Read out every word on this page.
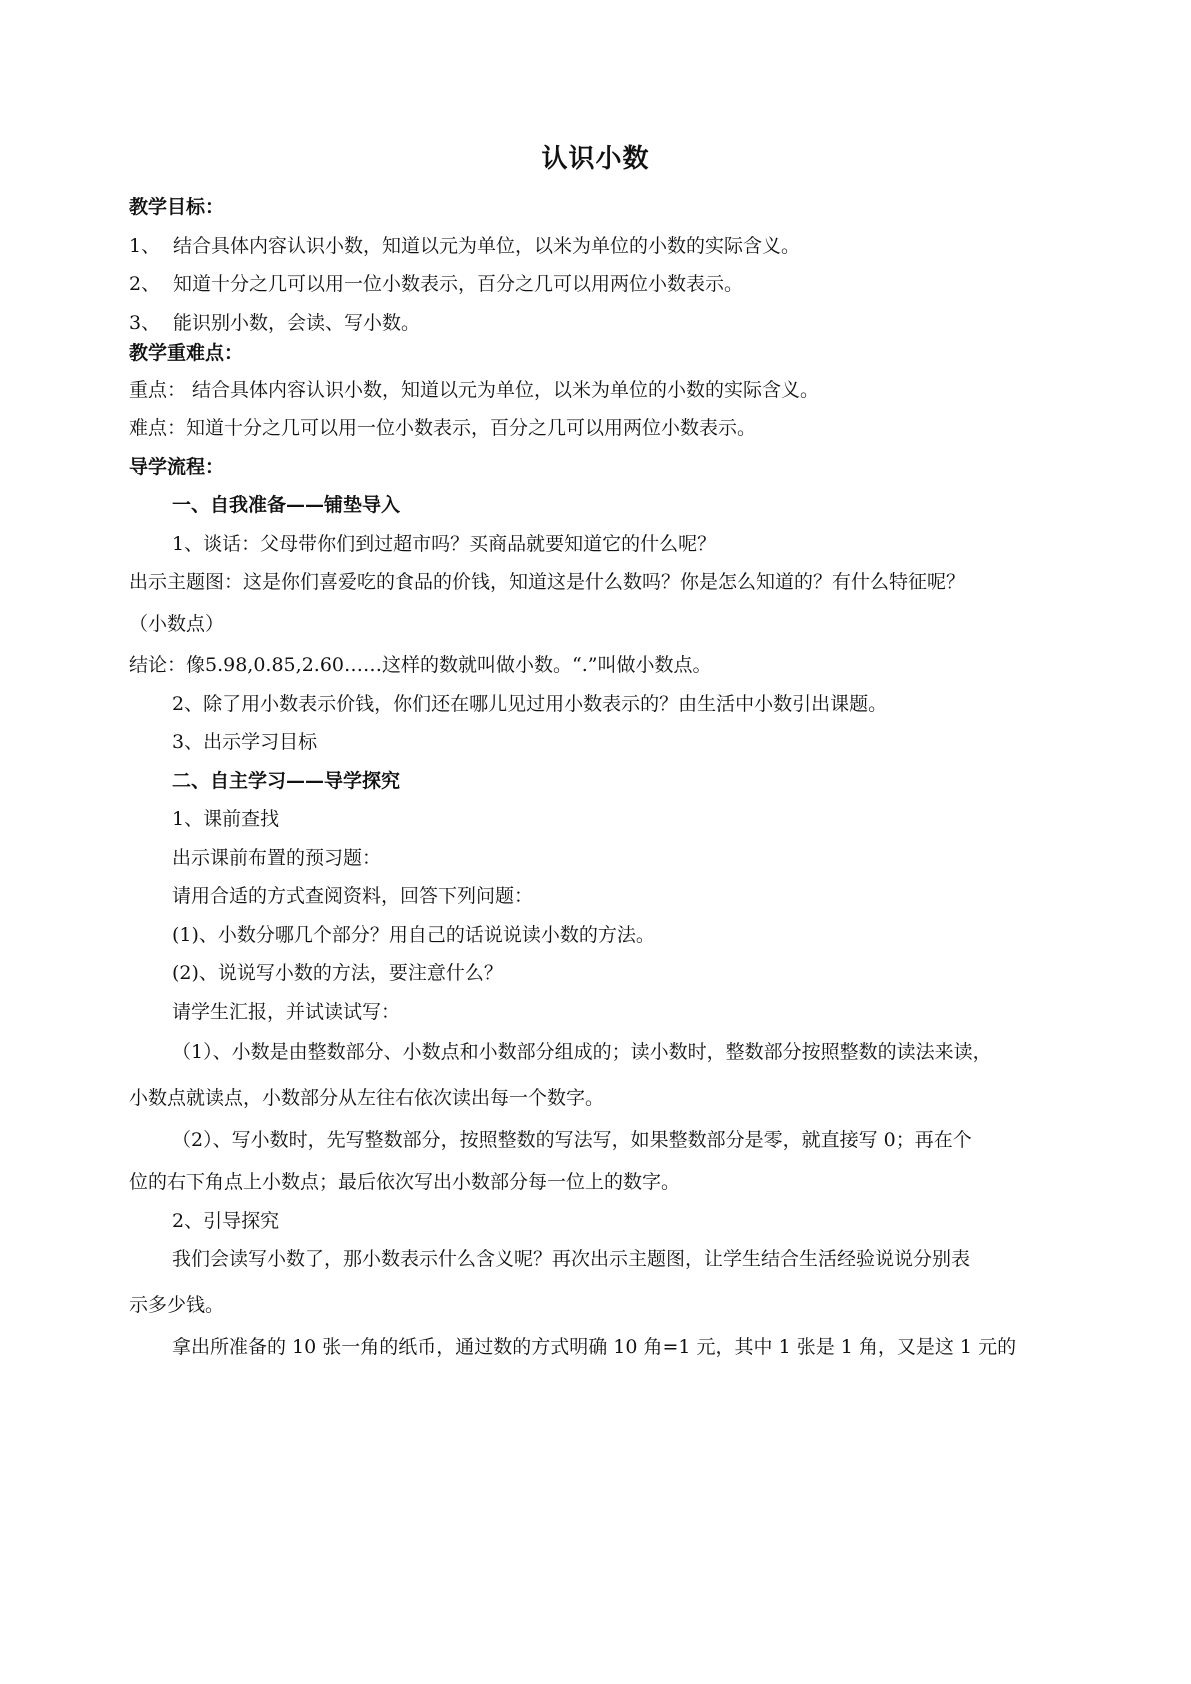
认识小数
教学目标：
1、 结合具体内容认识小数，知道以元为单位，以米为单位的小数的实际含义。
2、 知道十分之几可以用一位小数表示，百分之几可以用两位小数表示。
3、 能识别小数，会读、写小数。
教学重难点：
重点： 结合具体内容认识小数，知道以元为单位，以米为单位的小数的实际含义。
难点：知道十分之几可以用一位小数表示，百分之几可以用两位小数表示。
导学流程：
一、自我准备——铺垫导入
1、谈话：父母带你们到过超市吗？买商品就要知道它的什么呢？
出示主题图：这是你们喜爱吃的食品的价钱，知道这是什么数吗？你是怎么知道的？有什么特征呢？
（小数点）
结论：像5.98,0.85,2.60……这样的数就叫做小数。“.”叫做小数点。
2、除了用小数表示价钱，你们还在哪儿见过用小数表示的？由生活中小数引出课题。
3、出示学习目标
二、自主学习——导学探究
1、课前查找
出示课前布置的预习题：
请用合适的方式查阅资料，回答下列问题：
(1)、小数分哪几个部分？用自己的话说说读小数的方法。
(2)、说说写小数的方法，要注意什么？
请学生汇报，并试读试写：
（1）、小数是由整数部分、小数点和小数部分组成的；读小数时，整数部分按照整数的读法来读，
小数点就读点，小数部分从左往右依次读出每一个数字。
（2）、写小数时，先写整数部分，按照整数的写法写，如果整数部分是零，就直接写 0；再在个
位的右下角点上小数点；最后依次写出小数部分每一位上的数字。
2、引导探究
我们会读写小数了，那小数表示什么含义呢？再次出示主题图，让学生结合生活经验说说分别表
示多少钱。
拿出所准备的 10 张一角的纸币，通过数的方式明确 10 角=1 元，其中 1 张是 1 角，又是这 1 元的
